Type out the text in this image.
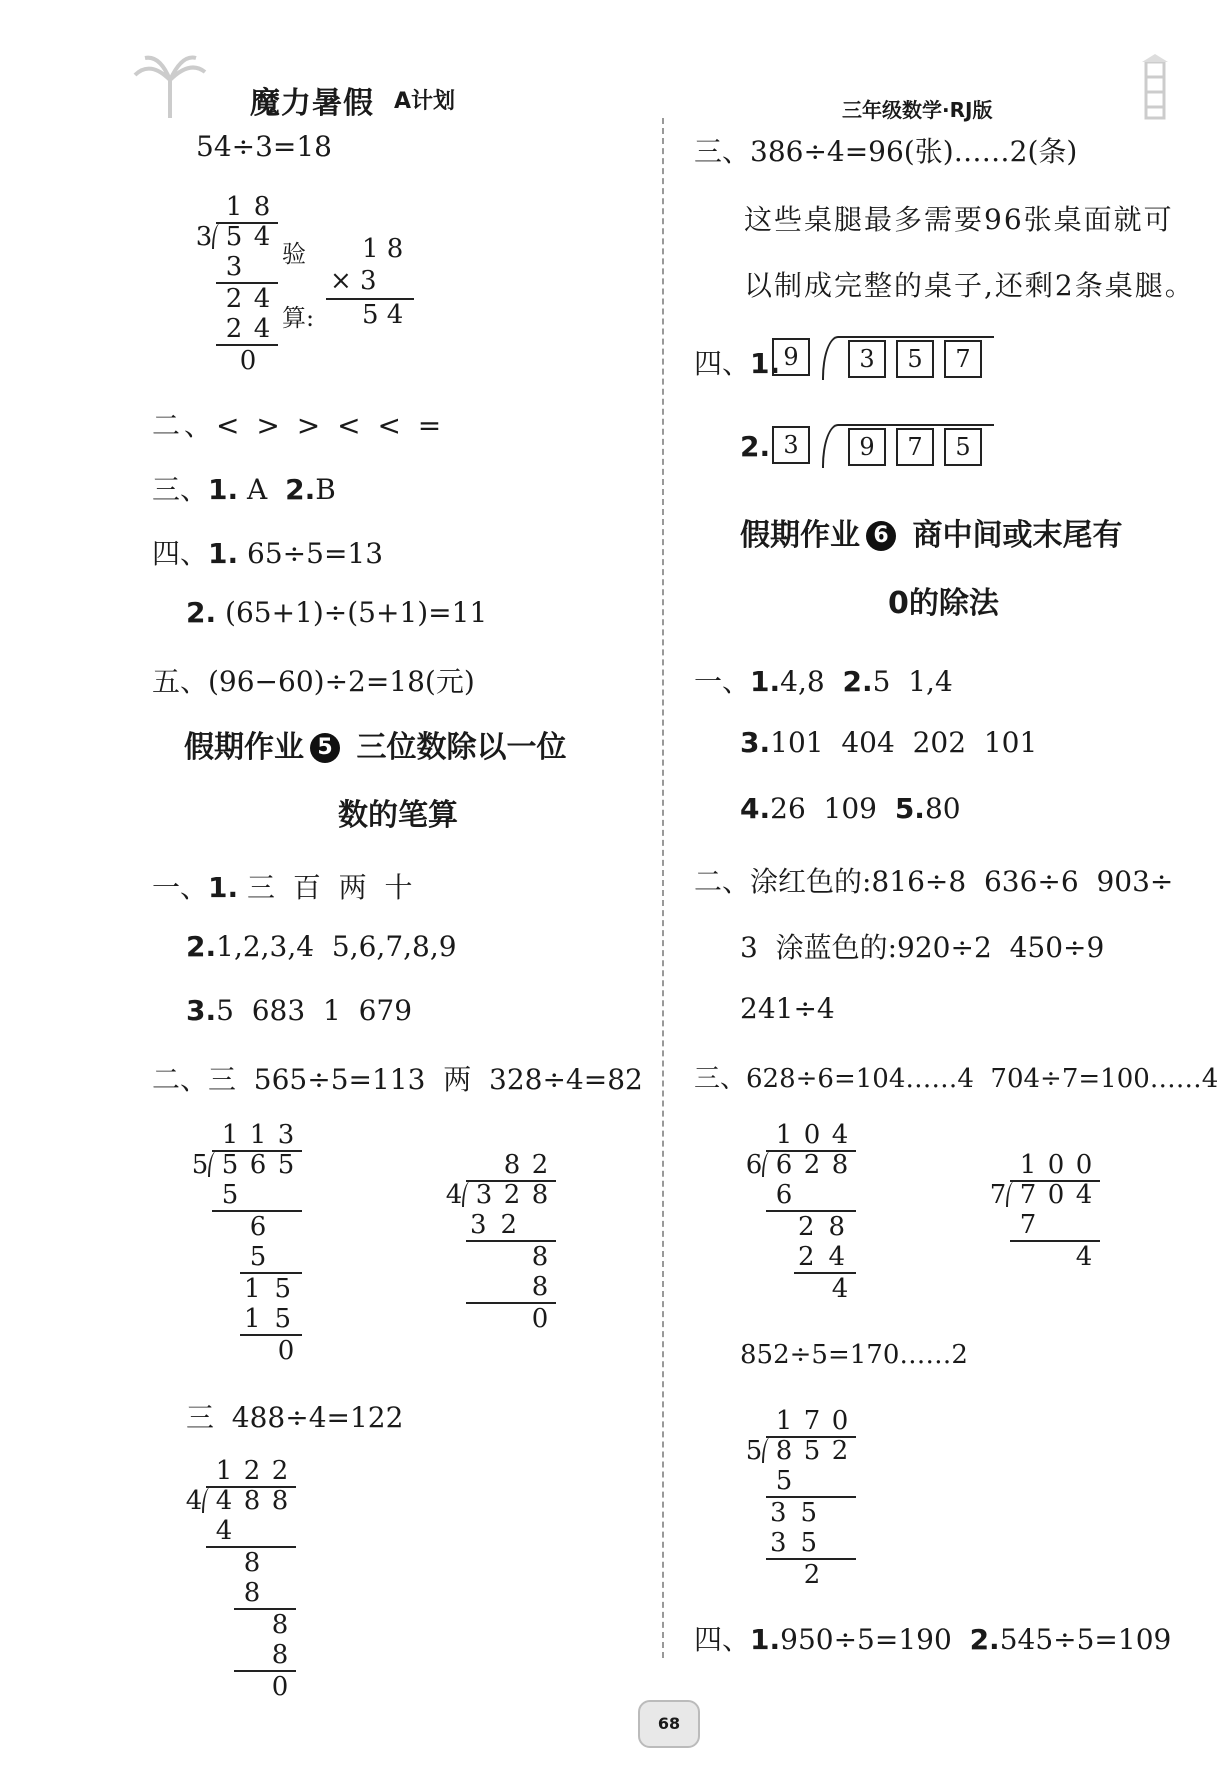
魔力暑假 A计划	三年级数学·RJ版
54÷3=18
1 8
3 5 4
3
2 4
2 4
0
验
算:
1 8
× 3
5 4
二、< > > < < =
三、1. A 2.B
四、1. 65÷5=13
2. (65+1)÷(5+1)=11
五、(96−60)÷2=18(元)
假期作业 5 三位数除以一位
数的笔算
一、1. 三  百  两  十
2.1,2,3,4  5,6,7,8,9
3.5  683  1  679
二、三  565÷5=113  两  328÷4=82
1 1 3
5 5 6 5
5
6
5
15
15
0
8 2
4 3 2 8
32
8
8
0
三  488÷4=122
1 2 2
4 4 8 8
4
8
8
8
8
0
三、386÷4=96(张)……2(条)
这些桌腿最多需要96张桌面就可
以制成完整的桌子,还剩2条桌腿。
四、1. 9	3	5	7
2. 3	9	7	5
假期作业 6 商中间或末尾有
0的除法
一、1.4,8 2.5  1,4
3.101  404  202  101
4.26  109 5.80
二、涂红色的:816÷8  636÷6  903÷
3  涂蓝色的:920÷2  450÷9
241÷4
三、628÷6=104……4  704÷7=100……4
1 0 4
6 6 2 8
6
28
24
4
1 0 0
7 7 0 4
7
4
852÷5=170……2
1 7 0
5 8 5 2
5
35
35
2
四、1.950÷5=190 2.545÷5=109
68
